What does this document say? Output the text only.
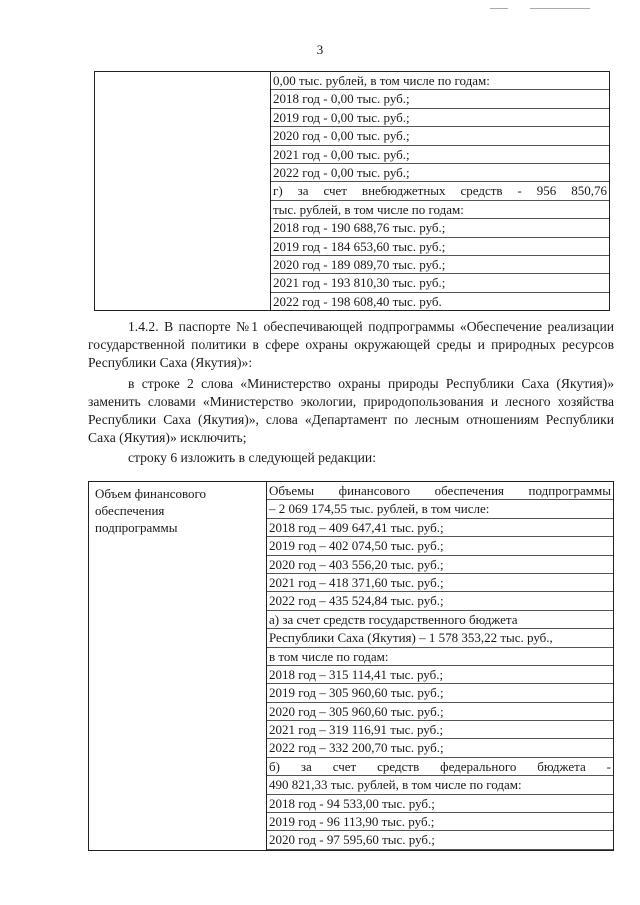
3

0,00 тыс. рублей, в том числе по годам:
2018 год - 0,00 тыс. руб.;
2019 год - 0,00 тыс. руб.;
2020 год - 0,00 тыс. руб.;
2021 год - 0,00 тыс. руб.;
2022 год - 0,00 тыс. руб.;
г) за счет внебюджетных средств - 956 850,76
тыс. рублей, в том числе по годам:
2018 год - 190 688,76 тыс. руб.;
2019 год - 184 653,60 тыс. руб.;
2020 год - 189 089,70 тыс. руб.;
2021 год - 193 810,30 тыс. руб.;
2022 год - 198 608,40 тыс. руб.

1.4.2. В паспорте №1 обеспечивающей подпрограммы «Обеспечение реализации государственной политики в сфере охраны окружающей среды и природных ресурсов Республики Саха (Якутия)»:

в строке 2 слова «Министерство охраны природы Республики Саха (Якутия)» заменить словами «Министерство экологии, природопользования и лесного хозяйства Республики Саха (Якутия)», слова «Департамент по лесным отношениям Республики Саха (Якутия)» исключить;

строку 6 изложить в следующей редакции:

Объем финансового
обеспечения
подпрограммы

Объемы финансового обеспечения подпрограммы
– 2 069 174,55 тыс. рублей, в том числе:
2018 год – 409 647,41 тыс. руб.;
2019 год – 402 074,50 тыс. руб.;
2020 год – 403 556,20 тыс. руб.;
2021 год – 418 371,60 тыс. руб.;
2022 год – 435 524,84 тыс. руб.;
а) за счет средств государственного бюджета
Республики Саха (Якутия) – 1 578 353,22 тыс. руб.,
в том числе по годам:
2018 год – 315 114,41 тыс. руб.;
2019 год – 305 960,60 тыс. руб.;
2020 год – 305 960,60 тыс. руб.;
2021 год – 319 116,91 тыс. руб.;
2022 год – 332 200,70 тыс. руб.;
б) за счет средств федерального бюджета -
490 821,33 тыс. рублей, в том числе по годам:
2018 год - 94 533,00 тыс. руб.;
2019 год - 96 113,90 тыс. руб.;
2020 год - 97 595,60 тыс. руб.;
